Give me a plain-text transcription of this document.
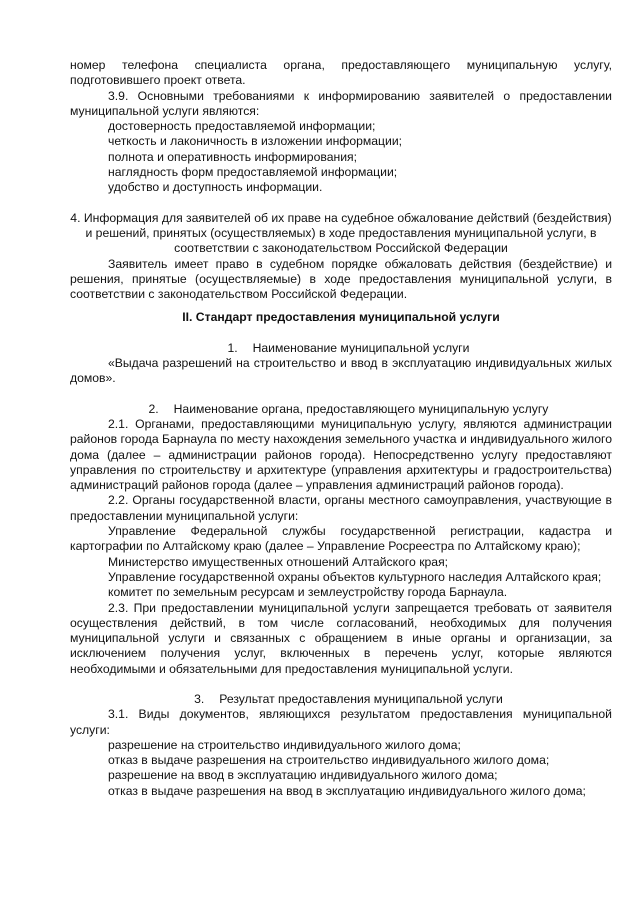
номер телефона специалиста органа, предоставляющего муниципальную услугу, подготовившего проект ответа.

3.9. Основными требованиями к информированию заявителей о предоставлении муниципальной услуги являются:

достоверность предоставляемой информации;

четкость и лаконичность в изложении информации;

полнота и оперативность информирования;

наглядность форм предоставляемой информации;

удобство и доступность информации.

4. Информация для заявителей об их праве на судебное обжалование действий (бездействия) и решений, принятых (осуществляемых) в ходе предоставления муниципальной услуги, в соответствии с законодательством Российской Федерации

Заявитель имеет право в судебном порядке обжаловать действия (бездействие) и решения, принятые (осуществляемые) в ходе предоставления муниципальной услуги, в соответствии с законодательством Российской Федерации.

II. Стандарт предоставления муниципальной услуги

1. Наименование муниципальной услуги

«Выдача разрешений на строительство и ввод в эксплуатацию индивидуальных жилых домов».

2. Наименование органа, предоставляющего муниципальную услугу

2.1. Органами, предоставляющими муниципальную услугу, являются администрации районов города Барнаула по месту нахождения земельного участка и индивидуального жилого дома (далее – администрации районов города). Непосредственно услугу предоставляют управления по строительству и архитектуре (управления архитектуры и градостроительства) администраций районов города (далее – управления администраций районов города).

2.2. Органы государственной власти, органы местного самоуправления, участвующие в предоставлении муниципальной услуги:

Управление Федеральной службы государственной регистрации, кадастра и картографии по Алтайскому краю (далее – Управление Росреестра по Алтайскому краю);

Министерство имущественных отношений Алтайского края;

Управление государственной охраны объектов культурного наследия Алтайского края;

комитет по земельным ресурсам и землеустройству города Барнаула.

2.3. При предоставлении муниципальной услуги запрещается требовать от заявителя осуществления действий, в том числе согласований, необходимых для получения муниципальной услуги и связанных с обращением в иные органы и организации, за исключением получения услуг, включенных в перечень услуг, которые являются необходимыми и обязательными для предоставления муниципальной услуги.

3. Результат предоставления муниципальной услуги

3.1. Виды документов, являющихся результатом предоставления муниципальной услуги:

разрешение на строительство индивидуального жилого дома;

отказ в выдаче разрешения на строительство индивидуального жилого дома;

разрешение на ввод в эксплуатацию индивидуального жилого дома;

отказ в выдаче разрешения на ввод в эксплуатацию индивидуального жилого дома;
